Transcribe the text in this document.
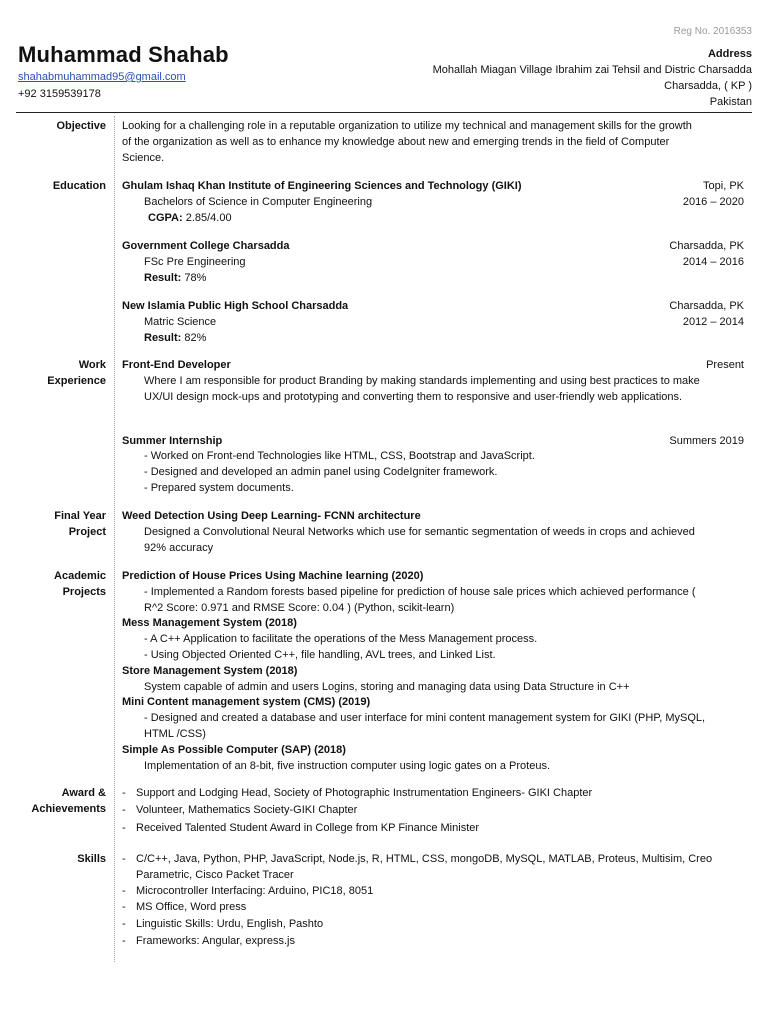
Reg No. 2016353
Muhammad Shahab
shahabmuhammad95@gmail.com
+92 3159539178
Address
Mohallah Miagan Village Ibrahim zai Tehsil and Distric Charsadda
Charsadda, ( KP )
Pakistan
Objective Looking for a challenging role in a reputable organization to utilize my technical and management skills for the growth
of the organization as well as to enhance my knowledge about new and emerging trends in the field of Computer
Science.
Education Ghulam Ishaq Khan Institute of Engineering Sciences and Technology (GIKI)	Topi, PK
Bachelors of Science in Computer Engineering	2016 – 2020
CGPA: 2.85/4.00
Government College Charsadda	Charsadda, PK
FSc Pre Engineering	2014 – 2016
Result: 78%
New Islamia Public High School Charsadda	Charsadda, PK
Matric Science	2012 – 2014
Result: 82%
Work
Experience
Front-End Developer	Present
Where I am responsible for product Branding by making standards implementing and using best practices to make
UX/UI design mock-ups and prototyping and converting them to responsive and user-friendly web applications.
Summer Internship	Summers 2019
- Worked on Front-end Technologies like HTML, CSS, Bootstrap and JavaScript.
- Designed and developed an admin panel using CodeIgniter framework.
- Prepared system documents.
Final Year
Project
Weed Detection Using Deep Learning- FCNN architecture
Designed a Convolutional Neural Networks which use for semantic segmentation of weeds in crops and achieved
92% accuracy
Academic
Projects
Prediction of House Prices Using Machine learning (2020)
- Implemented a Random forests based pipeline for prediction of house sale prices which achieved performance (
R^2 Score: 0.971 and RMSE Score: 0.04 ) (Python, scikit-learn)
Mess Management System (2018)
- A C++ Application to facilitate the operations of the Mess Management process.
- Using Objected Oriented C++, file handling, AVL trees, and Linked List.
Store Management System (2018)
System capable of admin and users Logins, storing and managing data using Data Structure in C++
Mini Content management system (CMS) (2019)
- Designed and created a database and user interface for mini content management system for GIKI (PHP, MySQL,
HTML /CSS)
Simple As Possible Computer (SAP) (2018)
Implementation of an 8-bit, five instruction computer using logic gates on a Proteus.
Award &
Achievements
- Support and Lodging Head, Society of Photographic Instrumentation Engineers- GIKI Chapter
- Volunteer, Mathematics Society-GIKI Chapter
- Received Talented Student Award in College from KP Finance Minister
Skills - C/C++, Java, Python, PHP, JavaScript, Node.js, R, HTML, CSS, mongoDB, MySQL, MATLAB, Proteus, Multisim, Creo
Parametric, Cisco Packet Tracer
- Microcontroller Interfacing: Arduino, PIC18, 8051
- MS Office, Word press
- Linguistic Skills: Urdu, English, Pashto
- Frameworks: Angular, express.js
